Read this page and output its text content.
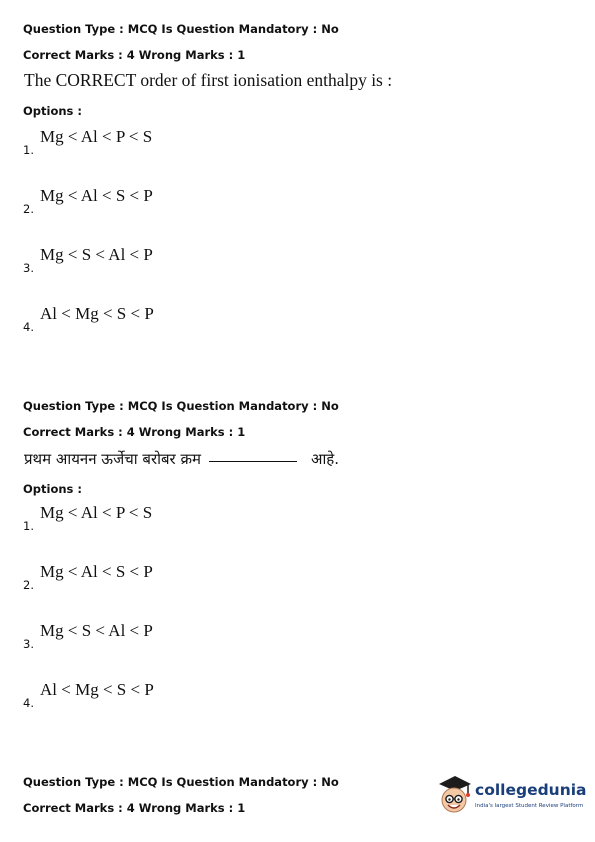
Question Type : MCQ Is Question Mandatory : No
Correct Marks : 4 Wrong Marks : 1
The CORRECT order of first ionisation enthalpy is :
Options :
Mg < Al < P < S
1.
Mg < Al < S < P
2.
Mg < S < Al < P
3.
Al < Mg < S < P
4.
Question Type : MCQ Is Question Mandatory : No
Correct Marks : 4 Wrong Marks : 1
प्रथम आयनन ऊर्जेचा बरोबर क्रम	आहे.
Options :
Mg < Al < P < S
1.
Mg < Al < S < P
2.
Mg < S < Al < P
3.
Al < Mg < S < P
4.
Question Type : MCQ Is Question Mandatory : No
Correct Marks : 4 Wrong Marks : 1
collegedunia
India's largest Student Review Platform
